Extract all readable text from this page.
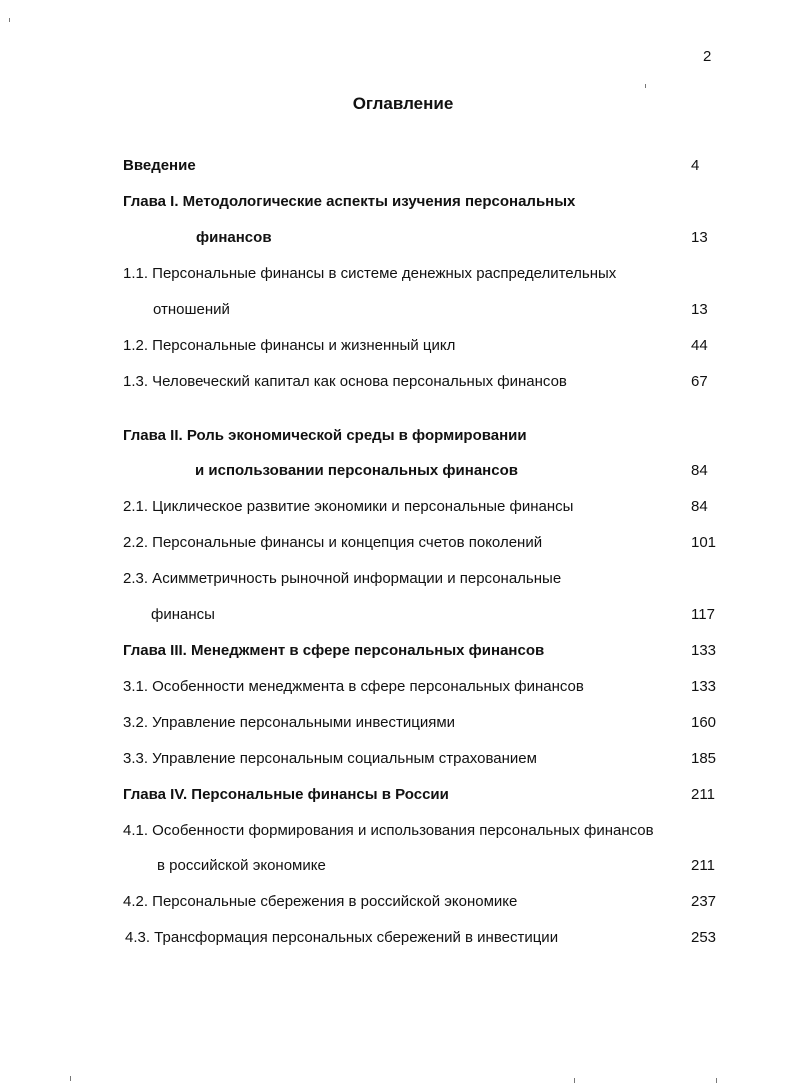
2
Оглавление
Введение	4
Глава I. Методологические аспекты изучения персональных
финансов	13
1.1. Персональные финансы в системе денежных распределительных
отношений	13
1.2. Персональные финансы и жизненный цикл	44
1.3. Человеческий капитал как основа персональных финансов	67
Глава II. Роль экономической среды в формировании
и использовании персональных финансов	84
2.1. Циклическое развитие экономики и персональные финансы	84
2.2. Персональные финансы и концепция счетов поколений	101
2.3. Асимметричность рыночной информации и персональные
финансы	117
Глава III. Менеджмент в сфере персональных финансов	133
3.1. Особенности менеджмента в сфере персональных финансов	133
3.2. Управление персональными инвестициями	160
3.3. Управление персональным социальным страхованием	185
Глава IV. Персональные финансы в России	211
4.1. Особенности формирования и использования персональных финансов
в российской экономике	211
4.2. Персональные сбережения в российской экономике	237
4.3. Трансформация персональных сбережений в инвестиции	253
